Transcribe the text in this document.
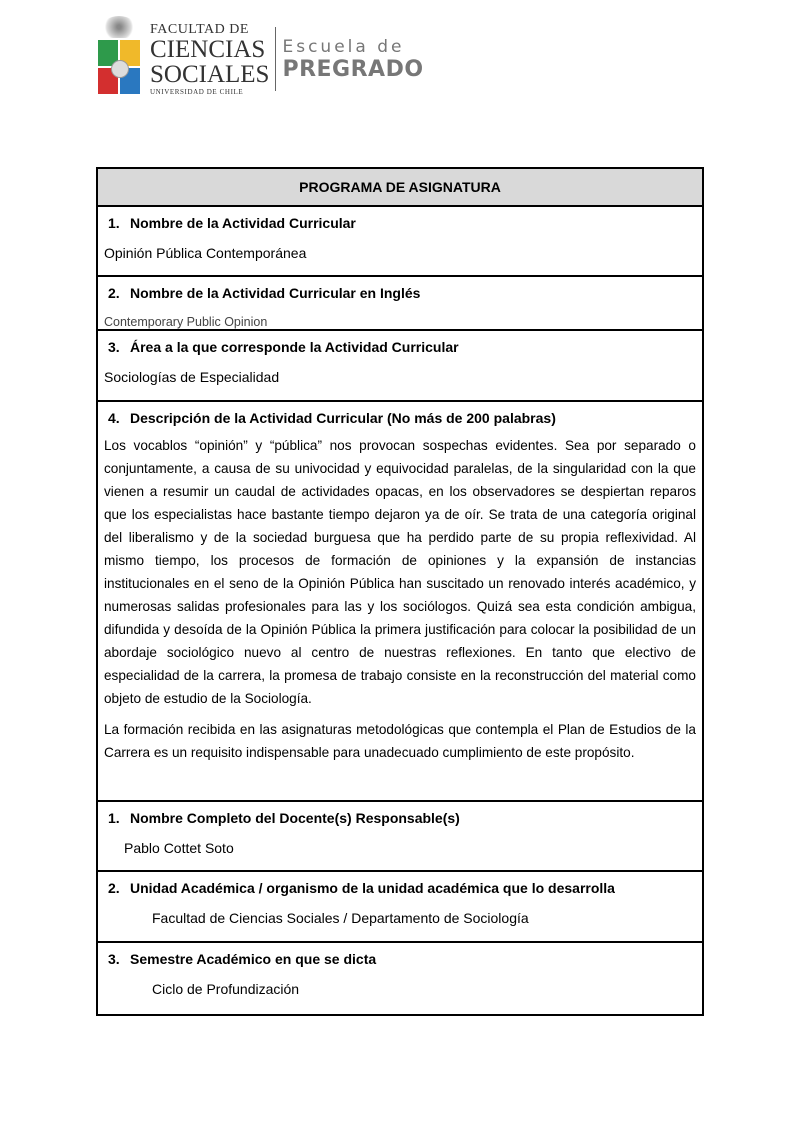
FACULTAD DE
CIENCIAS
SOCIALES
UNIVERSIDAD DE CHILE
Escuela de
PREGRADO
PROGRAMA DE ASIGNATURA

1. Nombre de la Actividad Curricular
Opinión Pública Contemporánea

2. Nombre de la Actividad Curricular en Inglés
Contemporary Public Opinion

3. Área a la que corresponde la Actividad Curricular
Sociologías de Especialidad

4. Descripción de la Actividad Curricular (No más de 200 palabras)

Los vocablos “opinión” y “pública” nos provocan sospechas evidentes. Sea por separado o conjuntamente, a causa de su univocidad y equivocidad paralelas, de la singularidad con la que vienen a resumir un caudal de actividades opacas, en los observadores se despiertan reparos que los especialistas hace bastante tiempo dejaron ya de oír. Se trata de una categoría original del liberalismo y de la sociedad burguesa que ha perdido parte de su propia reflexividad. Al mismo tiempo, los procesos de formación de opiniones y la expansión de instancias institucionales en el seno de la Opinión Pública han suscitado un renovado interés académico, y numerosas salidas profesionales para las y los sociólogos. Quizá sea esta condición ambigua, difundida y desoída de la Opinión Pública la primera justificación para colocar la posibilidad de un abordaje sociológico nuevo al centro de nuestras reflexiones. En tanto que electivo de especialidad de la carrera, la promesa de trabajo consiste en la reconstrucción del material como objeto de estudio de la Sociología.

La formación recibida en las asignaturas metodológicas que contempla el Plan de Estudios de la Carrera es un requisito indispensable para unadecuado cumplimiento de este propósito.

1. Nombre Completo del Docente(s) Responsable(s)
Pablo Cottet Soto

2. Unidad Académica / organismo de la unidad académica que lo desarrolla
Facultad de Ciencias Sociales / Departamento de Sociología

3. Semestre Académico en que se dicta
Ciclo de Profundización
